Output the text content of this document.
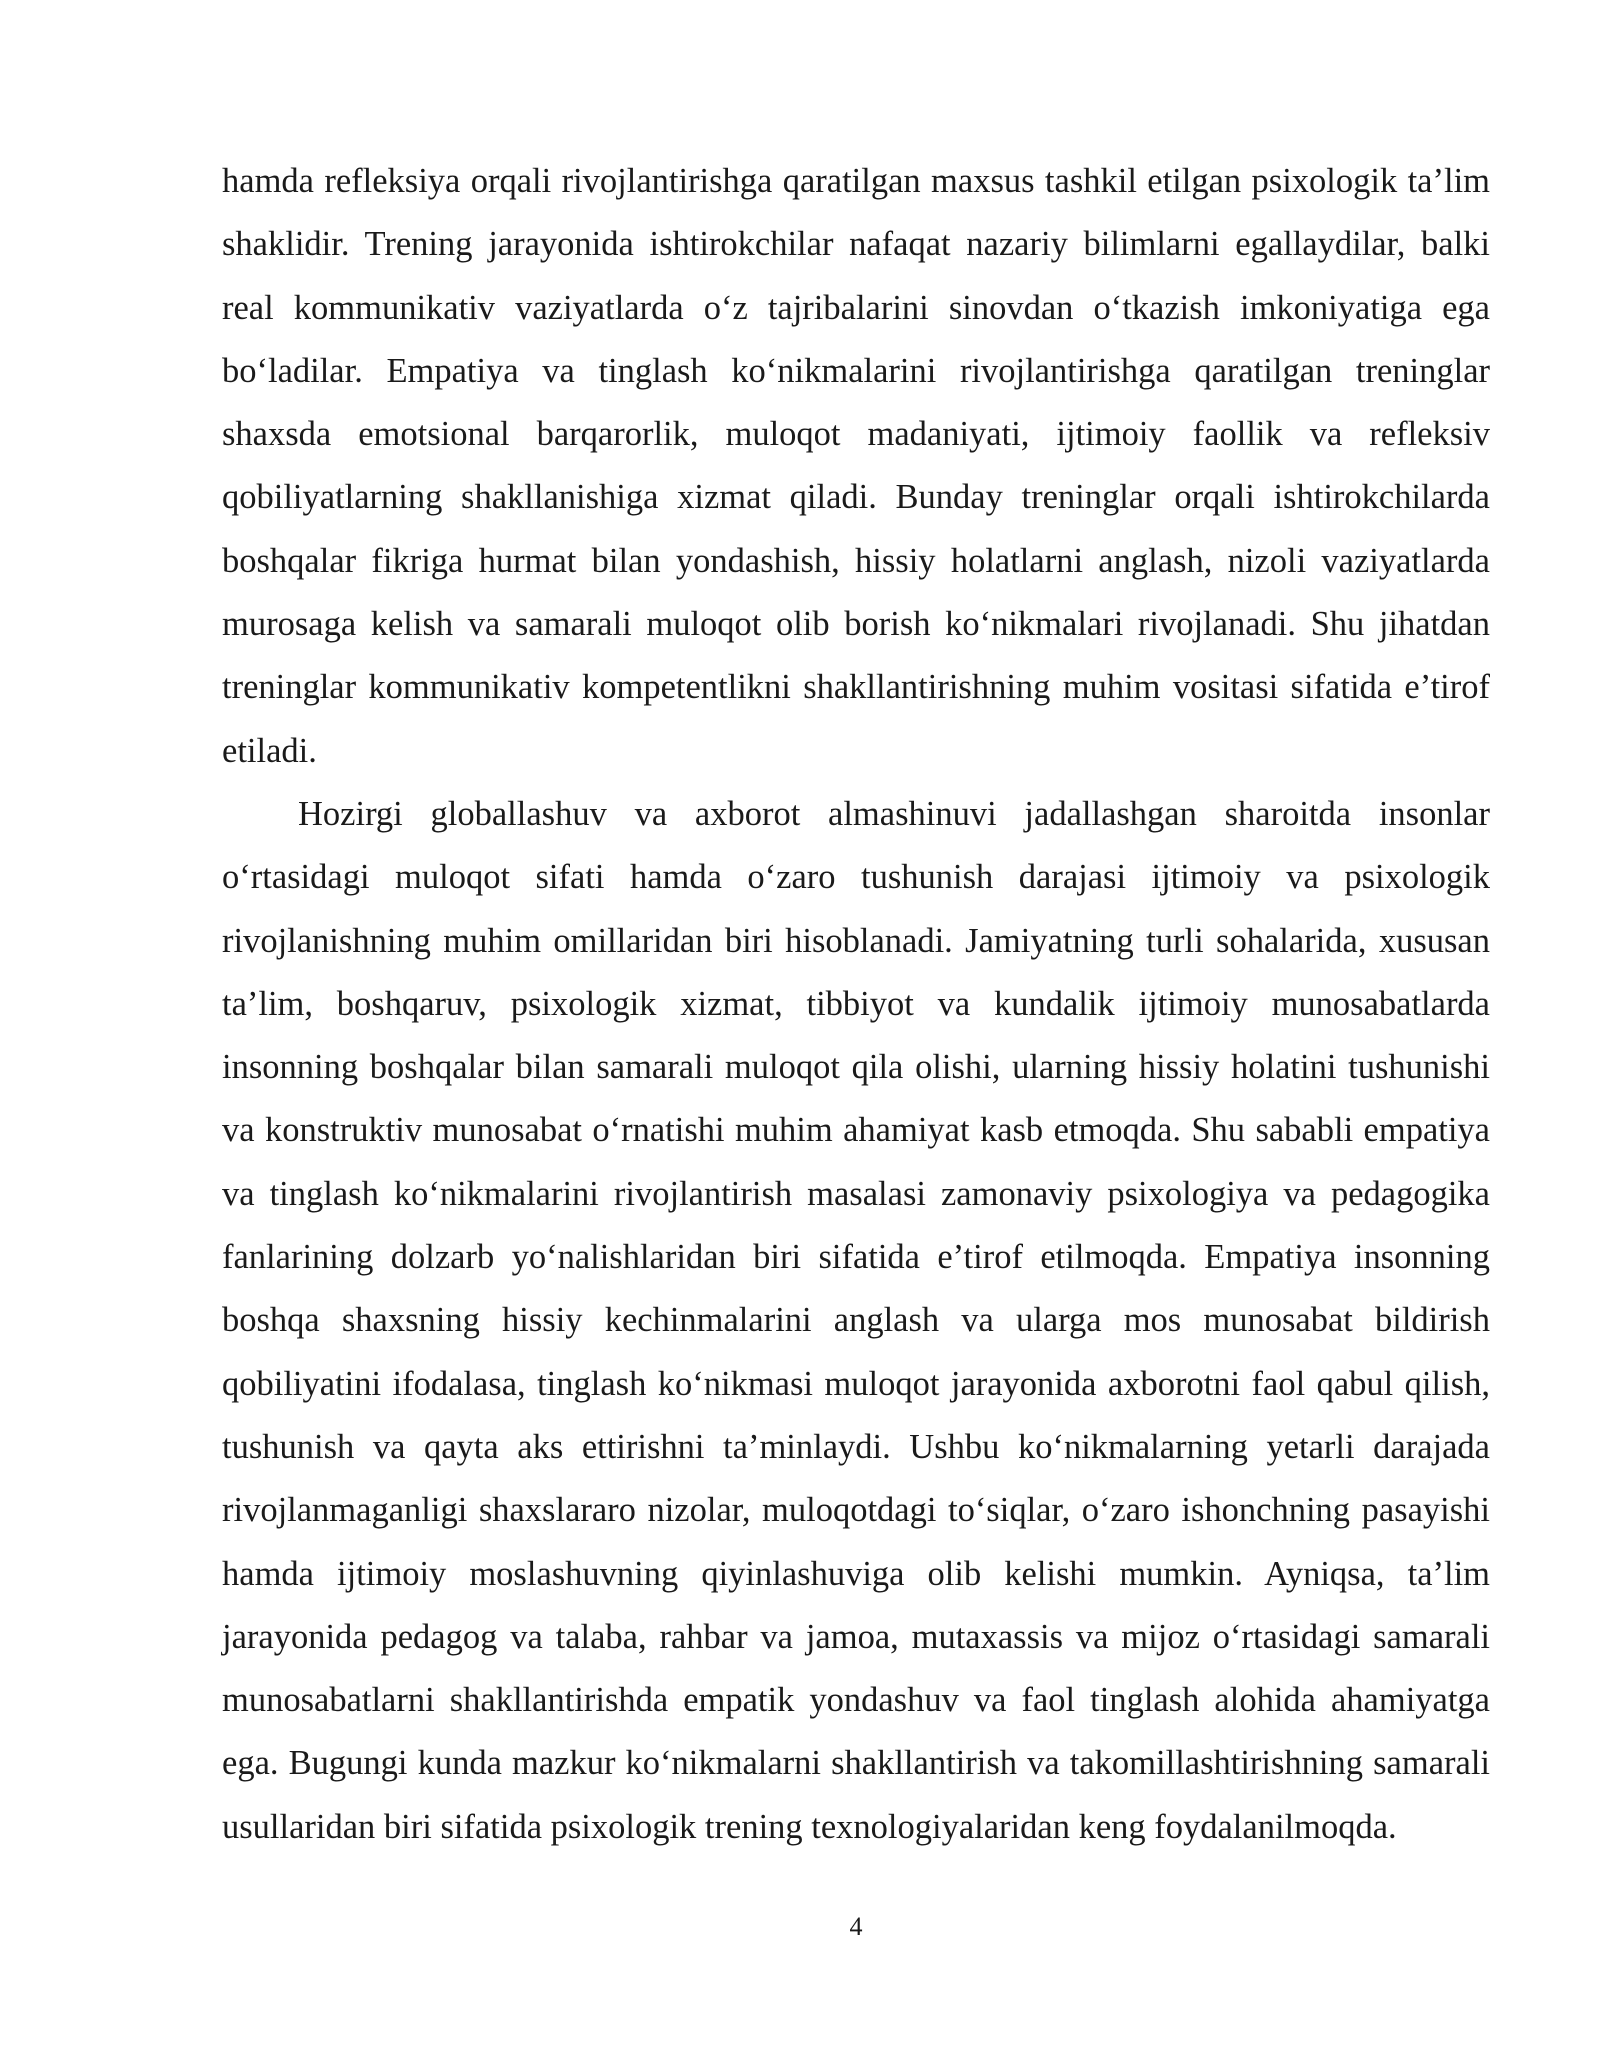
hamda refleksiya orqali rivojlantirishga qaratilgan maxsus tashkil etilgan psixologik ta’lim shaklidir. Trening jarayonida ishtirokchilar nafaqat nazariy bilimlarni egallaydilar, balki real kommunikativ vaziyatlarda o‘z tajribalarini sinovdan o‘tkazish imkoniyatiga ega bo‘ladilar. Empatiya va tinglash ko‘nikmalarini rivojlantirishga qaratilgan treninglar shaxsda emotsional barqarorlik, muloqot madaniyati, ijtimoiy faollik va refleksiv qobiliyatlarning shakllanishiga xizmat qiladi. Bunday treninglar orqali ishtirokchilarda boshqalar fikriga hurmat bilan yondashish, hissiy holatlarni anglash, nizoli vaziyatlarda murosaga kelish va samarali muloqot olib borish ko‘nikmalari rivojlanadi. Shu jihatdan treninglar kommunikativ kompetentlikni shakllantirishning muhim vositasi sifatida e’tirof etiladi.

Hozirgi globallashuv va axborot almashinuvi jadallashgan sharoitda insonlar o‘rtasidagi muloqot sifati hamda o‘zaro tushunish darajasi ijtimoiy va psixologik rivojlanishning muhim omillaridan biri hisoblanadi. Jamiyatning turli sohalarida, xususan ta’lim, boshqaruv, psixologik xizmat, tibbiyot va kundalik ijtimoiy munosabatlarda insonning boshqalar bilan samarali muloqot qila olishi, ularning hissiy holatini tushunishi va konstruktiv munosabat o‘rnatishi muhim ahamiyat kasb etmoqda. Shu sababli empatiya va tinglash ko‘nikmalarini rivojlantirish masalasi zamonaviy psixologiya va pedagogika fanlarining dolzarb yo‘nalishlaridan biri sifatida e’tirof etilmoqda. Empatiya insonning boshqa shaxsning hissiy kechinmalarini anglash va ularga mos munosabat bildirish qobiliyatini ifodalasa, tinglash ko‘nikmasi muloqot jarayonida axborotni faol qabul qilish, tushunish va qayta aks ettirishni ta’minlaydi. Ushbu ko‘nikmalarning yetarli darajada rivojlanmaganligi shaxslararo nizolar, muloqotdagi to‘siqlar, o‘zaro ishonchning pasayishi hamda ijtimoiy moslashuvning qiyinlashuviga olib kelishi mumkin. Ayniqsa, ta’lim jarayonida pedagog va talaba, rahbar va jamoa, mutaxassis va mijoz o‘rtasidagi samarali munosabatlarni shakllantirishda empatik yondashuv va faol tinglash alohida ahamiyatga ega. Bugungi kunda mazkur ko‘nikmalarni shakllantirish va takomillashtirishning samarali usullaridan biri sifatida psixologik trening texnologiyalaridan keng foydalanilmoqda.

4
